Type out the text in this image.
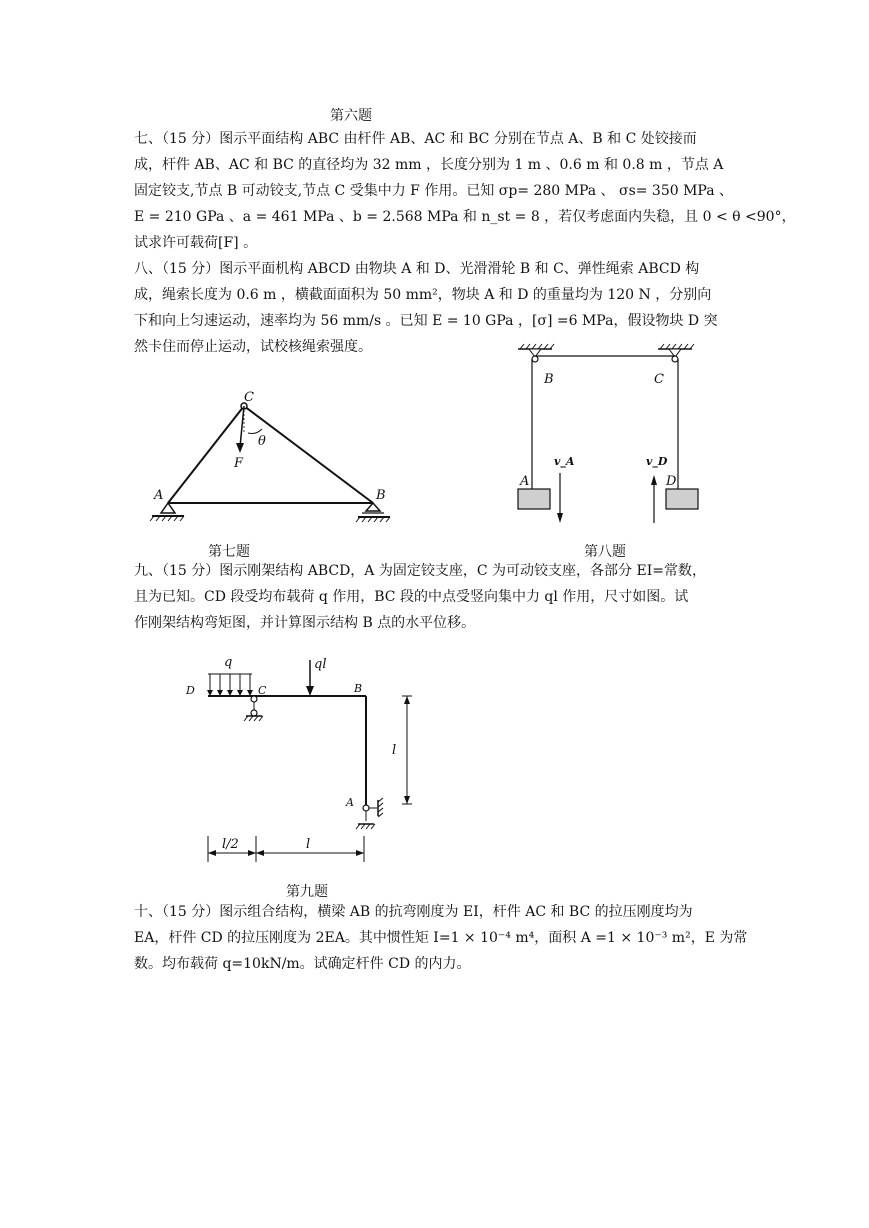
第六题
七、（15 分）图示平面结构 ABC 由杆件 AB、AC 和 BC 分别在节点 A、B 和 C 处铰接而
成，杆件 AB、AC 和 BC 的直径均为 32 mm ，长度分别为 1 m 、0.6 m 和 0.8 m ，节点 A
固定铰支,节点 B 可动铰支,节点 C 受集中力 F 作用。已知 σp= 280 MPa 、 σs= 350 MPa 、
E = 210 GPa 、a = 461 MPa 、b = 2.568 MPa 和 n_st = 8 ，若仅考虑面内失稳，且 0 < θ <90°，
试求许可载荷[F] 。
八、（15 分）图示平面机构 ABCD 由物块 A 和 D、光滑滑轮 B 和 C、弹性绳索 ABCD 构
成，绳索长度为 0.6 m ，横截面面积为 50 mm²，物块 A 和 D 的重量均为 120 N ，分别向
下和向上匀速运动，速率均为 56 mm/s 。已知 E = 10 GPa ，[σ] =6 MPa，假设物块 D 突
然卡住而停止运动，试校核绳索强度。
C
F
θ
A	B
B	C
A	D
v_A	v_D
第七题	第八题
九、（15 分）图示刚架结构 ABCD，A 为固定铰支座，C 为可动铰支座，各部分 EI=常数，
且为已知。CD 段受均布载荷 q 作用，BC 段的中点受竖向集中力 ql 作用，尺寸如图。试
作刚架结构弯矩图，并计算图示结构 B 点的水平位移。
q	ql
D	C	B
A
l
l/2	l
第九题
十、（15 分）图示组合结构，横梁 AB 的抗弯刚度为 EI，杆件 AC 和 BC 的拉压刚度均为
EA，杆件 CD 的拉压刚度为 2EA。其中惯性矩 I=1 × 10⁻⁴ m⁴，面积 A =1 × 10⁻³ m²，E 为常
数。均布载荷 q=10kN/m。试确定杆件 CD 的内力。
